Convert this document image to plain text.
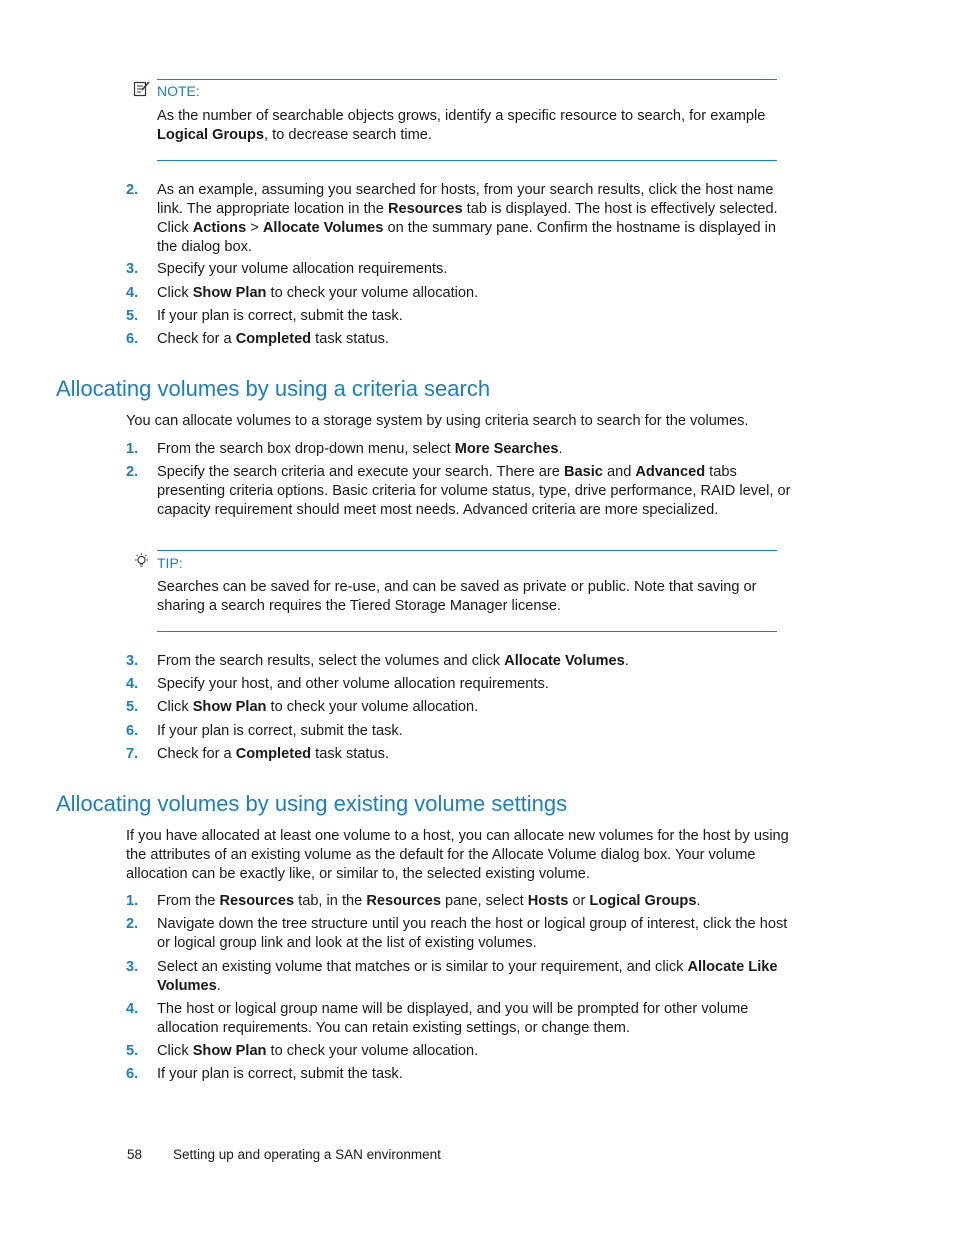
NOTE:
As the number of searchable objects grows, identify a specific resource to search, for example Logical Groups, to decrease search time.
2. As an example, assuming you searched for hosts, from your search results, click the host name link. The appropriate location in the Resources tab is displayed. The host is effectively selected. Click Actions > Allocate Volumes on the summary pane. Confirm the hostname is displayed in the dialog box.
3. Specify your volume allocation requirements.
4. Click Show Plan to check your volume allocation.
5. If your plan is correct, submit the task.
6. Check for a Completed task status.
Allocating volumes by using a criteria search
You can allocate volumes to a storage system by using criteria search to search for the volumes.
1. From the search box drop-down menu, select More Searches.
2. Specify the search criteria and execute your search. There are Basic and Advanced tabs presenting criteria options. Basic criteria for volume status, type, drive performance, RAID level, or capacity requirement should meet most needs. Advanced criteria are more specialized.
TIP:
Searches can be saved for re-use, and can be saved as private or public. Note that saving or sharing a search requires the Tiered Storage Manager license.
3. From the search results, select the volumes and click Allocate Volumes.
4. Specify your host, and other volume allocation requirements.
5. Click Show Plan to check your volume allocation.
6. If your plan is correct, submit the task.
7. Check for a Completed task status.
Allocating volumes by using existing volume settings
If you have allocated at least one volume to a host, you can allocate new volumes for the host by using the attributes of an existing volume as the default for the Allocate Volume dialog box. Your volume allocation can be exactly like, or similar to, the selected existing volume.
1. From the Resources tab, in the Resources pane, select Hosts or Logical Groups.
2. Navigate down the tree structure until you reach the host or logical group of interest, click the host or logical group link and look at the list of existing volumes.
3. Select an existing volume that matches or is similar to your requirement, and click Allocate Like Volumes.
4. The host or logical group name will be displayed, and you will be prompted for other volume allocation requirements. You can retain existing settings, or change them.
5. Click Show Plan to check your volume allocation.
6. If your plan is correct, submit the task.
58 Setting up and operating a SAN environment
